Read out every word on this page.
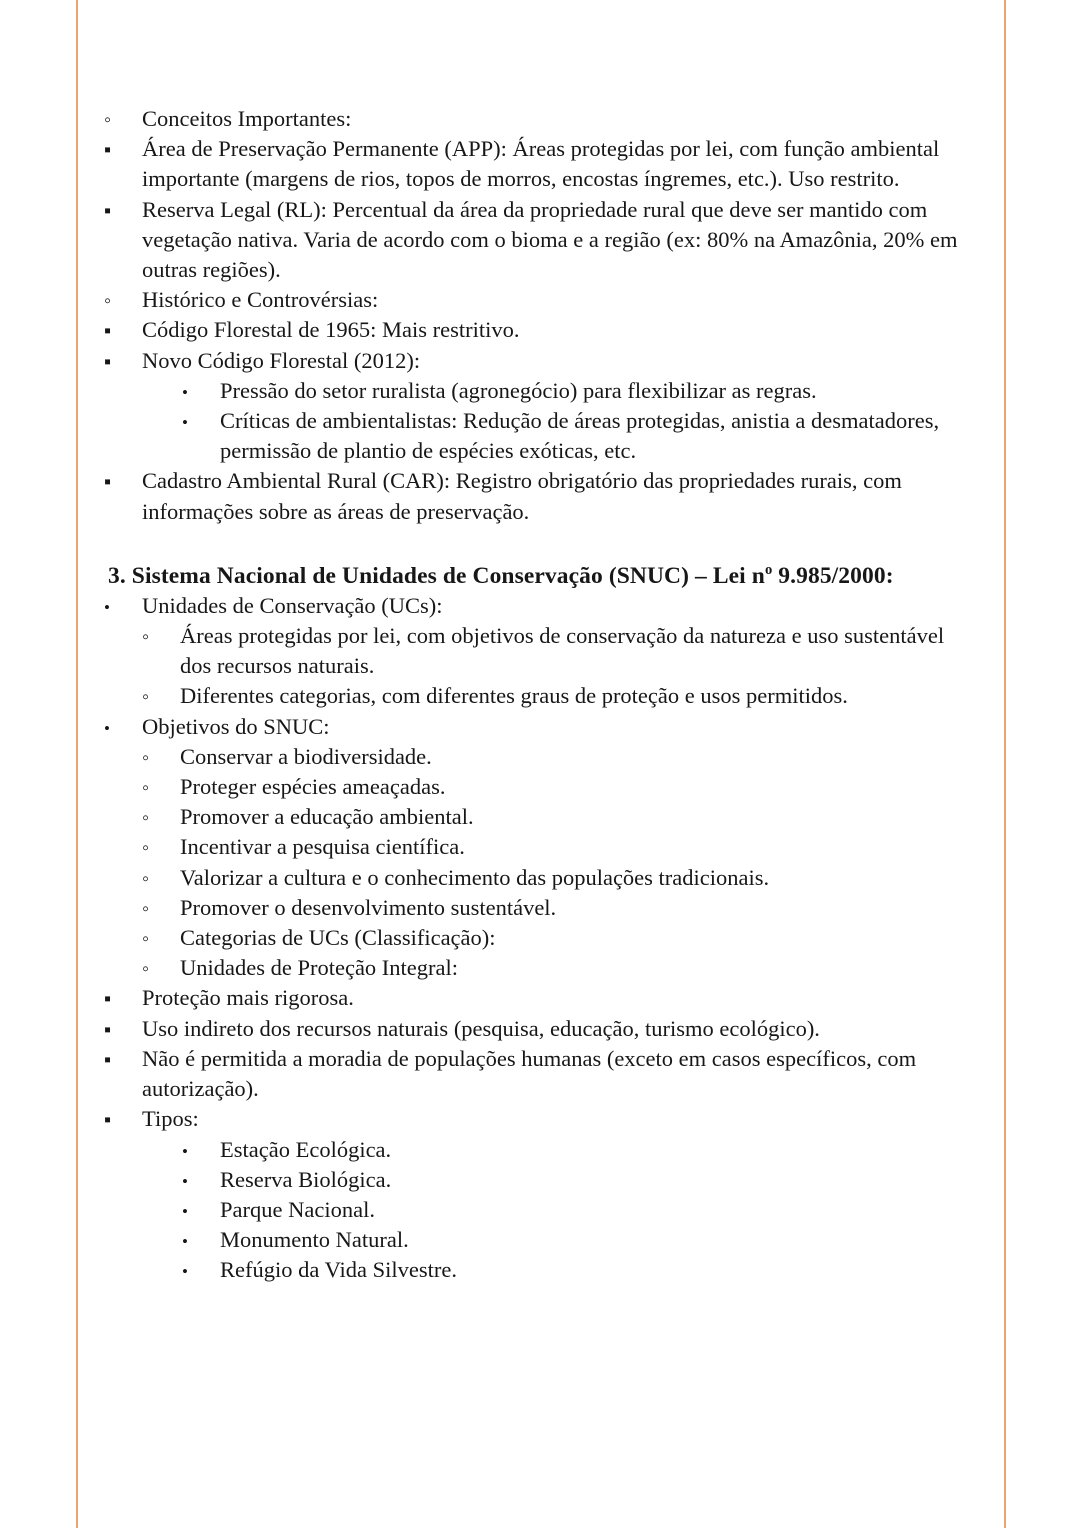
◦
Conceitos Importantes:
▪
Área de Preservação Permanente (APP): Áreas protegidas por lei, com função ambiental importante (margens de rios, topos de morros, encostas íngremes, etc.). Uso restrito.
▪
Reserva Legal (RL): Percentual da área da propriedade rural que deve ser mantido com vegetação nativa. Varia de acordo com o bioma e a região (ex: 80% na Amazônia, 20% em outras regiões).
◦
Histórico e Controvérsias:
▪
Código Florestal de 1965: Mais restritivo.
▪
Novo Código Florestal (2012):
•
Pressão do setor ruralista (agronegócio) para flexibilizar as regras.
•
Críticas de ambientalistas: Redução de áreas protegidas, anistia a desmatadores, permissão de plantio de espécies exóticas, etc.
▪
Cadastro Ambiental Rural (CAR): Registro obrigatório das propriedades rurais, com informações sobre as áreas de preservação.
3. Sistema Nacional de Unidades de Conservação (SNUC) – Lei $n^o$ 9.985/2000:
•
Unidades de Conservação (UCs):
◦
Áreas protegidas por lei, com objetivos de conservação da natureza e uso sustentável dos recursos naturais.
◦
Diferentes categorias, com diferentes graus de proteção e usos permitidos.
•
Objetivos do SNUC:
◦
Conservar a biodiversidade.
◦
Proteger espécies ameaçadas.
◦
Promover a educação ambiental.
◦
Incentivar a pesquisa científica.
◦
Valorizar a cultura e o conhecimento das populações tradicionais.
◦
Promover o desenvolvimento sustentável.
◦
Categorias de UCs (Classificação):
◦
Unidades de Proteção Integral:
▪
Proteção mais rigorosa.
▪
Uso indireto dos recursos naturais (pesquisa, educação, turismo ecológico).
▪
Não é permitida a moradia de populações humanas (exceto em casos específicos, com autorização).
▪
Tipos:
•
Estação Ecológica.
•
Reserva Biológica.
•
Parque Nacional.
•
Monumento Natural.
•
Refúgio da Vida Silvestre.
